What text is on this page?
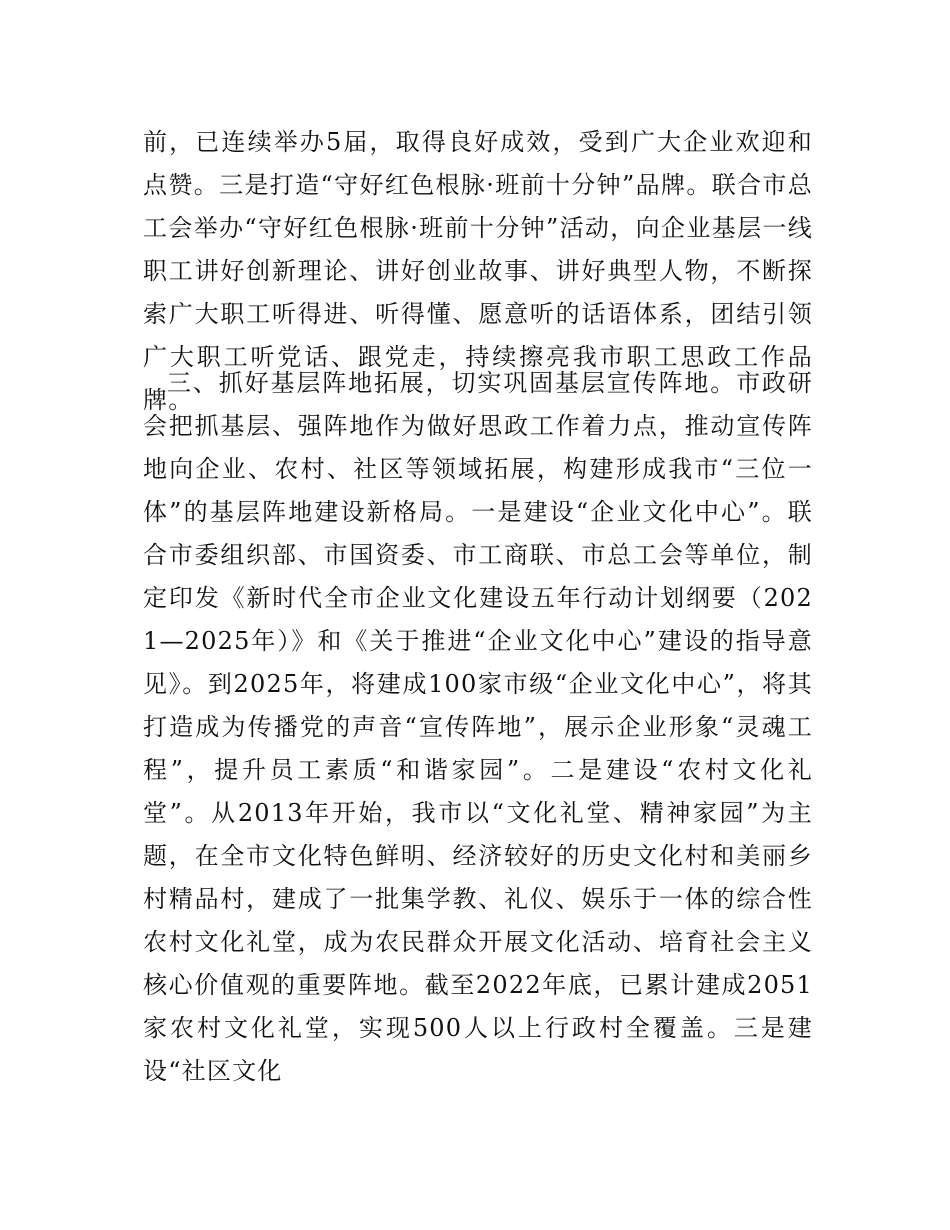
前，已连续举办5届，取得良好成效，受到广大企业欢迎和点赞。三是打造“守好红色根脉·班前十分钟”品牌。联合市总工会举办“守好红色根脉·班前十分钟”活动，向企业基层一线职工讲好创新理论、讲好创业故事、讲好典型人物，不断探索广大职工听得进、听得懂、愿意听的话语体系，团结引领广大职工听党话、跟党走，持续擦亮我市职工思政工作品牌。

三、抓好基层阵地拓展，切实巩固基层宣传阵地。市政研会把抓基层、强阵地作为做好思政工作着力点，推动宣传阵地向企业、农村、社区等领域拓展，构建形成我市“三位一体”的基层阵地建设新格局。一是建设“企业文化中心”。联合市委组织部、市国资委、市工商联、市总工会等单位，制定印发《新时代全市企业文化建设五年行动计划纲要（2021—2025年）》和《关于推进“企业文化中心”建设的指导意见》。到2025年，将建成100家市级“企业文化中心”，将其打造成为传播党的声音“宣传阵地”，展示企业形象“灵魂工程”，提升员工素质“和谐家园”。二是建设“农村文化礼堂”。从2013年开始，我市以“文化礼堂、精神家园”为主题，在全市文化特色鲜明、经济较好的历史文化村和美丽乡村精品村，建成了一批集学教、礼仪、娱乐于一体的综合性农村文化礼堂，成为农民群众开展文化活动、培育社会主义核心价值观的重要阵地。截至2022年底，已累计建成2051家农村文化礼堂，实现500人以上行政村全覆盖。三是建设“社区文化
